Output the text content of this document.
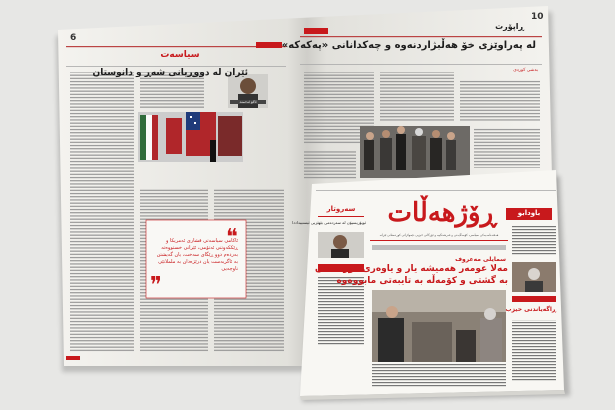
❝
❞
6
سیاسەت
ئێران لە دووڕیانی شەڕ و دانوستان
ئاکۆ ئەحمەد
ئاکامی سیاسەتی فشاری ئەمریکا و ڕێککەوتنی ئەتۆمی، ئێرانی خستووەتە بەردەم دوو ڕێگای سەخت، یان گەیشتن بە ئاگربەست یان درێژەدان بە ململانێی ناوچەیی
10
ڕاپۆرت
لە پەراوێزی خۆ هەڵبژاردنەوە و چەکدانانی «پەکەکە»
بەشی کوردی
ڕۆژهەڵات
هەفتەنامەیەکی سیاسی، کۆمەڵایەتی و فەرهەنگییە و ئۆرگانی حیزبی دێموکراتی کوردستانی ئێرانە
سەروتار
ئوپۆزیسیۆن لە سەردەمی بێهێزیی ئیستیبداددا
سمایلی مەعروف
مەلا عومەر هەمیشە یار و یاوەری کوردستان
بە گشتی و کۆمەڵە بە تایبەتی مابووەوە
باودابو
ڕاگەیاندنی حیزب
